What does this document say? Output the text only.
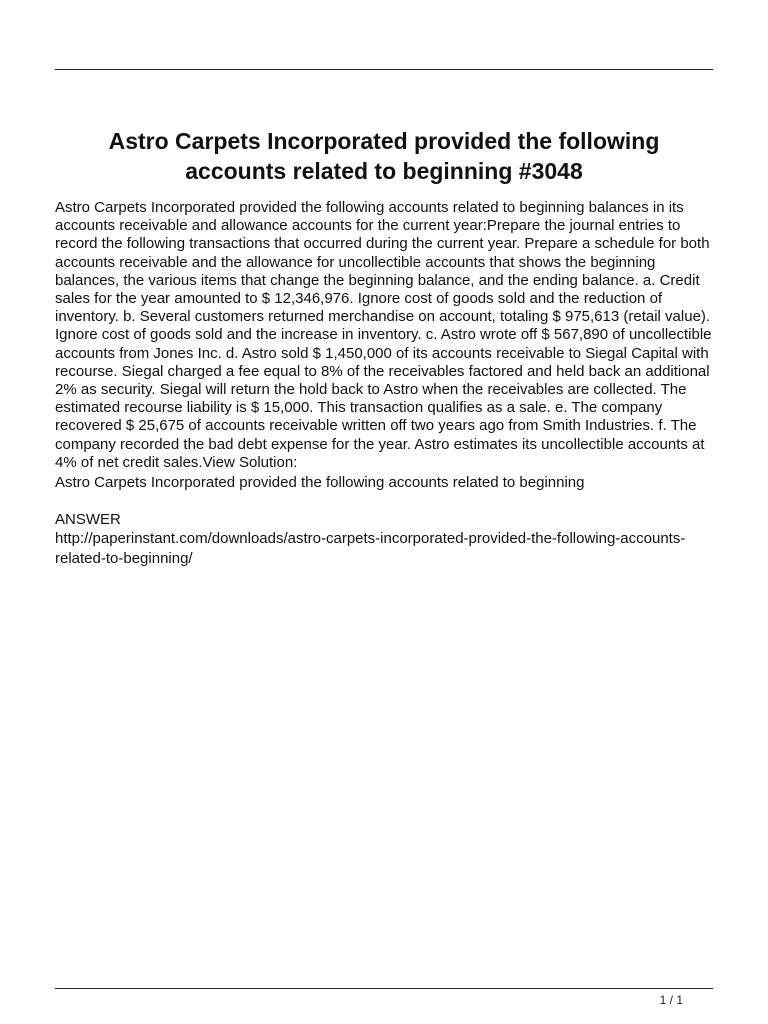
Astro Carpets Incorporated provided the following
accounts related to beginning #3048

Astro Carpets Incorporated provided the following accounts related to beginning balances in its accounts receivable and allowance accounts for the current year:Prepare the journal entries to record the following transactions that occurred during the current year. Prepare a schedule for both accounts receivable and the allowance for uncollectible accounts that shows the beginning balances, the various items that change the beginning balance, and the ending balance. a. Credit sales for the year amounted to $ 12,346,976. Ignore cost of goods sold and the reduction of inventory. b. Several customers returned merchandise on account, totaling $ 975,613 (retail value). Ignore cost of goods sold and the increase in inventory. c. Astro wrote off $ 567,890 of uncollectible accounts from Jones Inc. d. Astro sold $ 1,450,000 of its accounts receivable to Siegal Capital with recourse. Siegal charged a fee equal to 8% of the receivables factored and held back an additional 2% as security. Siegal will return the hold back to Astro when the receivables are collected. The estimated recourse liability is $ 15,000. This transaction qualifies as a sale. e. The company recovered $ 25,675 of accounts receivable written off two years ago from Smith Industries. f. The company recorded the bad debt expense for the year. Astro estimates its uncollectible accounts at 4% of net credit sales.View Solution:

Astro Carpets Incorporated provided the following accounts related to beginning

ANSWER

http://paperinstant.com/downloads/astro-carpets-incorporated-provided-the-following-accounts-
related-to-beginning/

1 / 1
